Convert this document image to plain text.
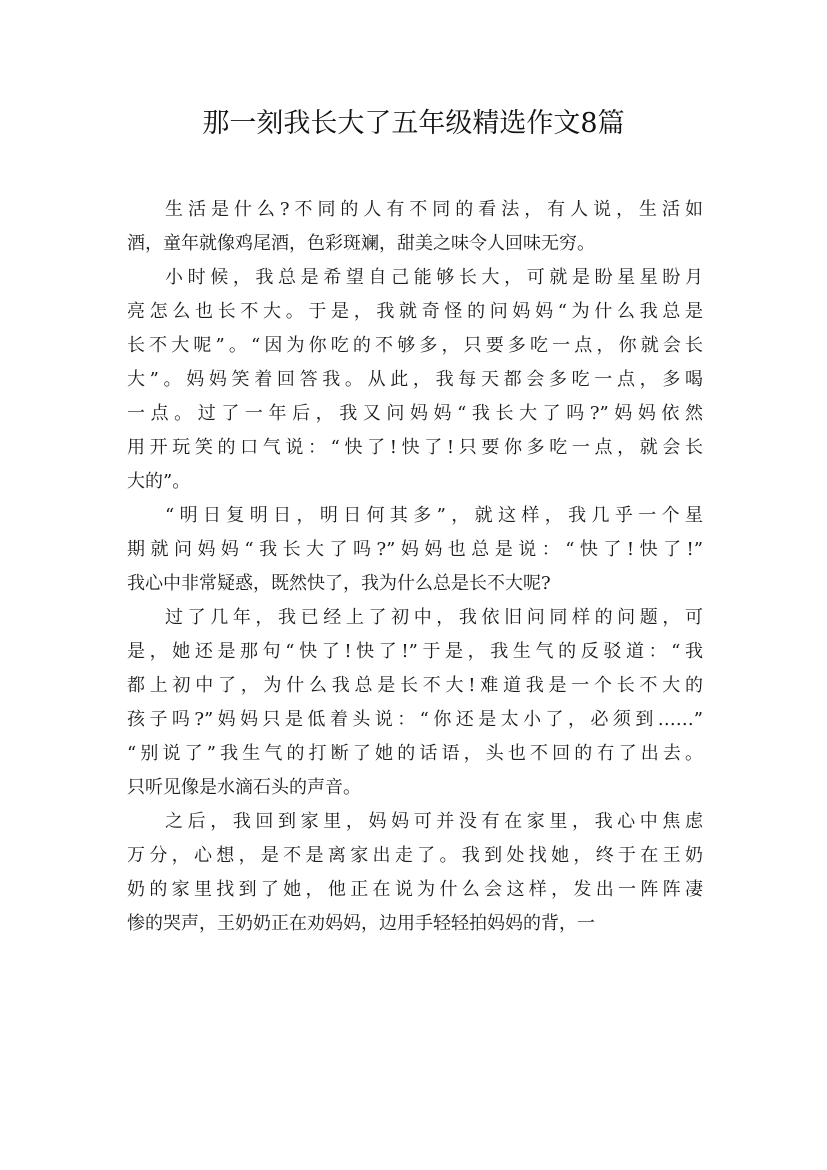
那一刻我长大了五年级精选作文8篇
生活是什么?不同的人有不同的看法，有人说，生活如
酒，童年就像鸡尾酒，色彩斑斓，甜美之味令人回味无穷。
小时候，我总是希望自己能够长大，可就是盼星星盼月
亮怎么也长不大。于是，我就奇怪的问妈妈“为什么我总是
长不大呢”。“因为你吃的不够多，只要多吃一点，你就会长
大”。妈妈笑着回答我。从此，我每天都会多吃一点，多喝
一点。过了一年后，我又问妈妈“我长大了吗?”妈妈依然
用开玩笑的口气说：“快了!快了!只要你多吃一点，就会长
大的”。
“明日复明日，明日何其多”，就这样，我几乎一个星
期就问妈妈“我长大了吗?”妈妈也总是说：“快了!快了!”
我心中非常疑惑，既然快了，我为什么总是长不大呢?
过了几年，我已经上了初中，我依旧问同样的问题，可
是，她还是那句“快了!快了!”于是，我生气的反驳道：“我
都上初中了，为什么我总是长不大!难道我是一个长不大的
孩子吗?”妈妈只是低着头说：“你还是太小了，必须到……”
“别说了”我生气的打断了她的话语，头也不回的冇了出去。
只听见像是水滴石头的声音。
之后，我回到家里，妈妈可并没有在家里，我心中焦虑
万分，心想，是不是离家出走了。我到处找她，终于在王奶
奶的家里找到了她，他正在说为什么会这样，发出一阵阵凄
惨的哭声，王奶奶正在劝妈妈，边用手轻轻拍妈妈的背，一
